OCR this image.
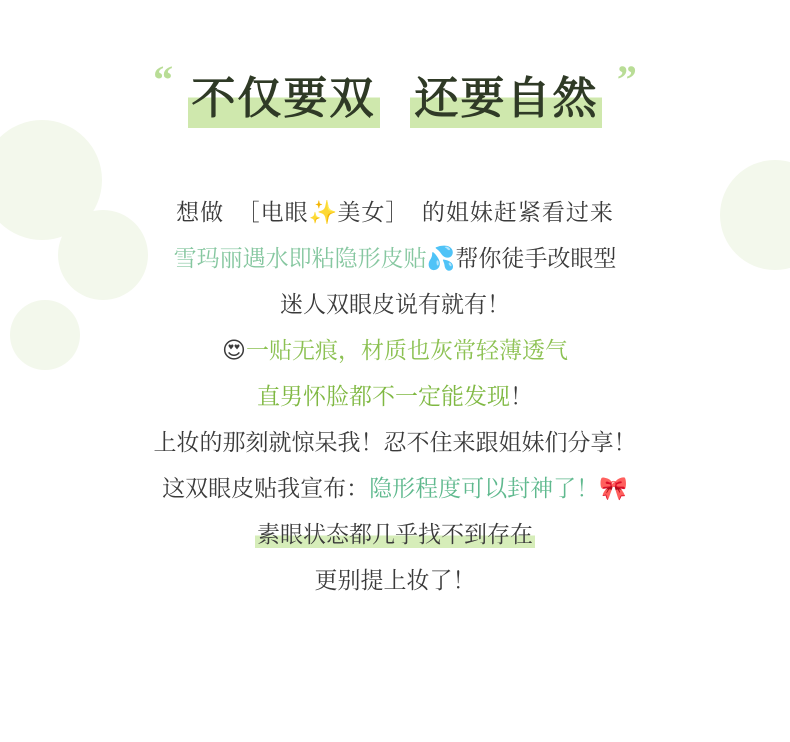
“ 不仅要双 还要自然 ”
想做　［电眼✨美女］　的姐妹赶紧看过来
雪玛丽遇水即粘隐形皮贴💦帮你徒手改眼型
迷人双眼皮说有就有！
😍一贴无痕，材质也灰常轻薄透气
直男怀脸都不一定能发现！
上妆的那刻就惊呆我！忍不住来跟姐妹们分享！
这双眼皮贴我宣布：隐形程度可以封神了！🎀
素眼状态都几乎找不到存在
更别提上妆了！
